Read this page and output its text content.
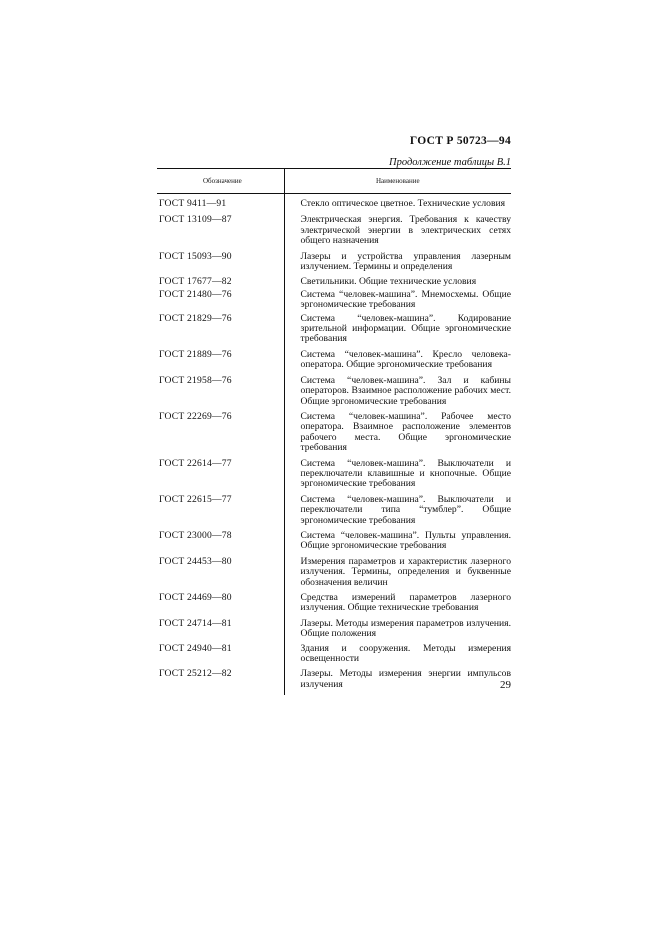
ГОСТ Р 50723—94
Продолжение таблицы В.1
Обозначение	Наименование
ГОСТ 9411—91	Стекло оптическое цветное. Технические условия

ГОСТ 13109—87	Электрическая энергия. Требования к качеству электрической энергии в электрических сетях общего назначения

ГОСТ 15093—90	Лазеры и устройства управления лазерным излучением. Термины и определения

ГОСТ 17677—82	Светильники. Общие технические условия

ГОСТ 21480—76	Система “человек-машина”. Мнемосхемы. Общие эргономические требования

ГОСТ 21829—76	Система “человек-машина”. Кодирование зрительной информации. Общие эргономические требования

ГОСТ 21889—76	Система “человек-машина”. Кресло человека-оператора. Общие эргономические требования

ГОСТ 21958—76	Система “человек-машина”. Зал и кабины операторов. Взаимное расположение рабочих мест. Общие эргономические требования

ГОСТ 22269—76	Система “человек-машина”. Рабочее место оператора. Взаимное расположение элементов рабочего места. Общие эргономические требования

ГОСТ 22614—77	Система “человек-машина”. Выключатели и переключатели клавишные и кнопочные. Общие эргономические требования

ГОСТ 22615—77	Система “человек-машина”. Выключатели и переключатели типа “тумблер”. Общие эргономические требования

ГОСТ 23000—78	Система “человек-машина”. Пульты управления. Общие эргономические требования

ГОСТ 24453—80	Измерения параметров и характеристик лазерного излучения. Термины, определения и буквенные обозначения величин

ГОСТ 24469—80	Средства измерений параметров лазерного излучения. Общие технические требования

ГОСТ 24714—81	Лазеры. Методы измерения параметров излучения. Общие положения

ГОСТ 24940—81	Здания и сооружения. Методы измерения освещенности

ГОСТ 25212—82	Лазеры. Методы измерения энергии импульсов излучения
		29
